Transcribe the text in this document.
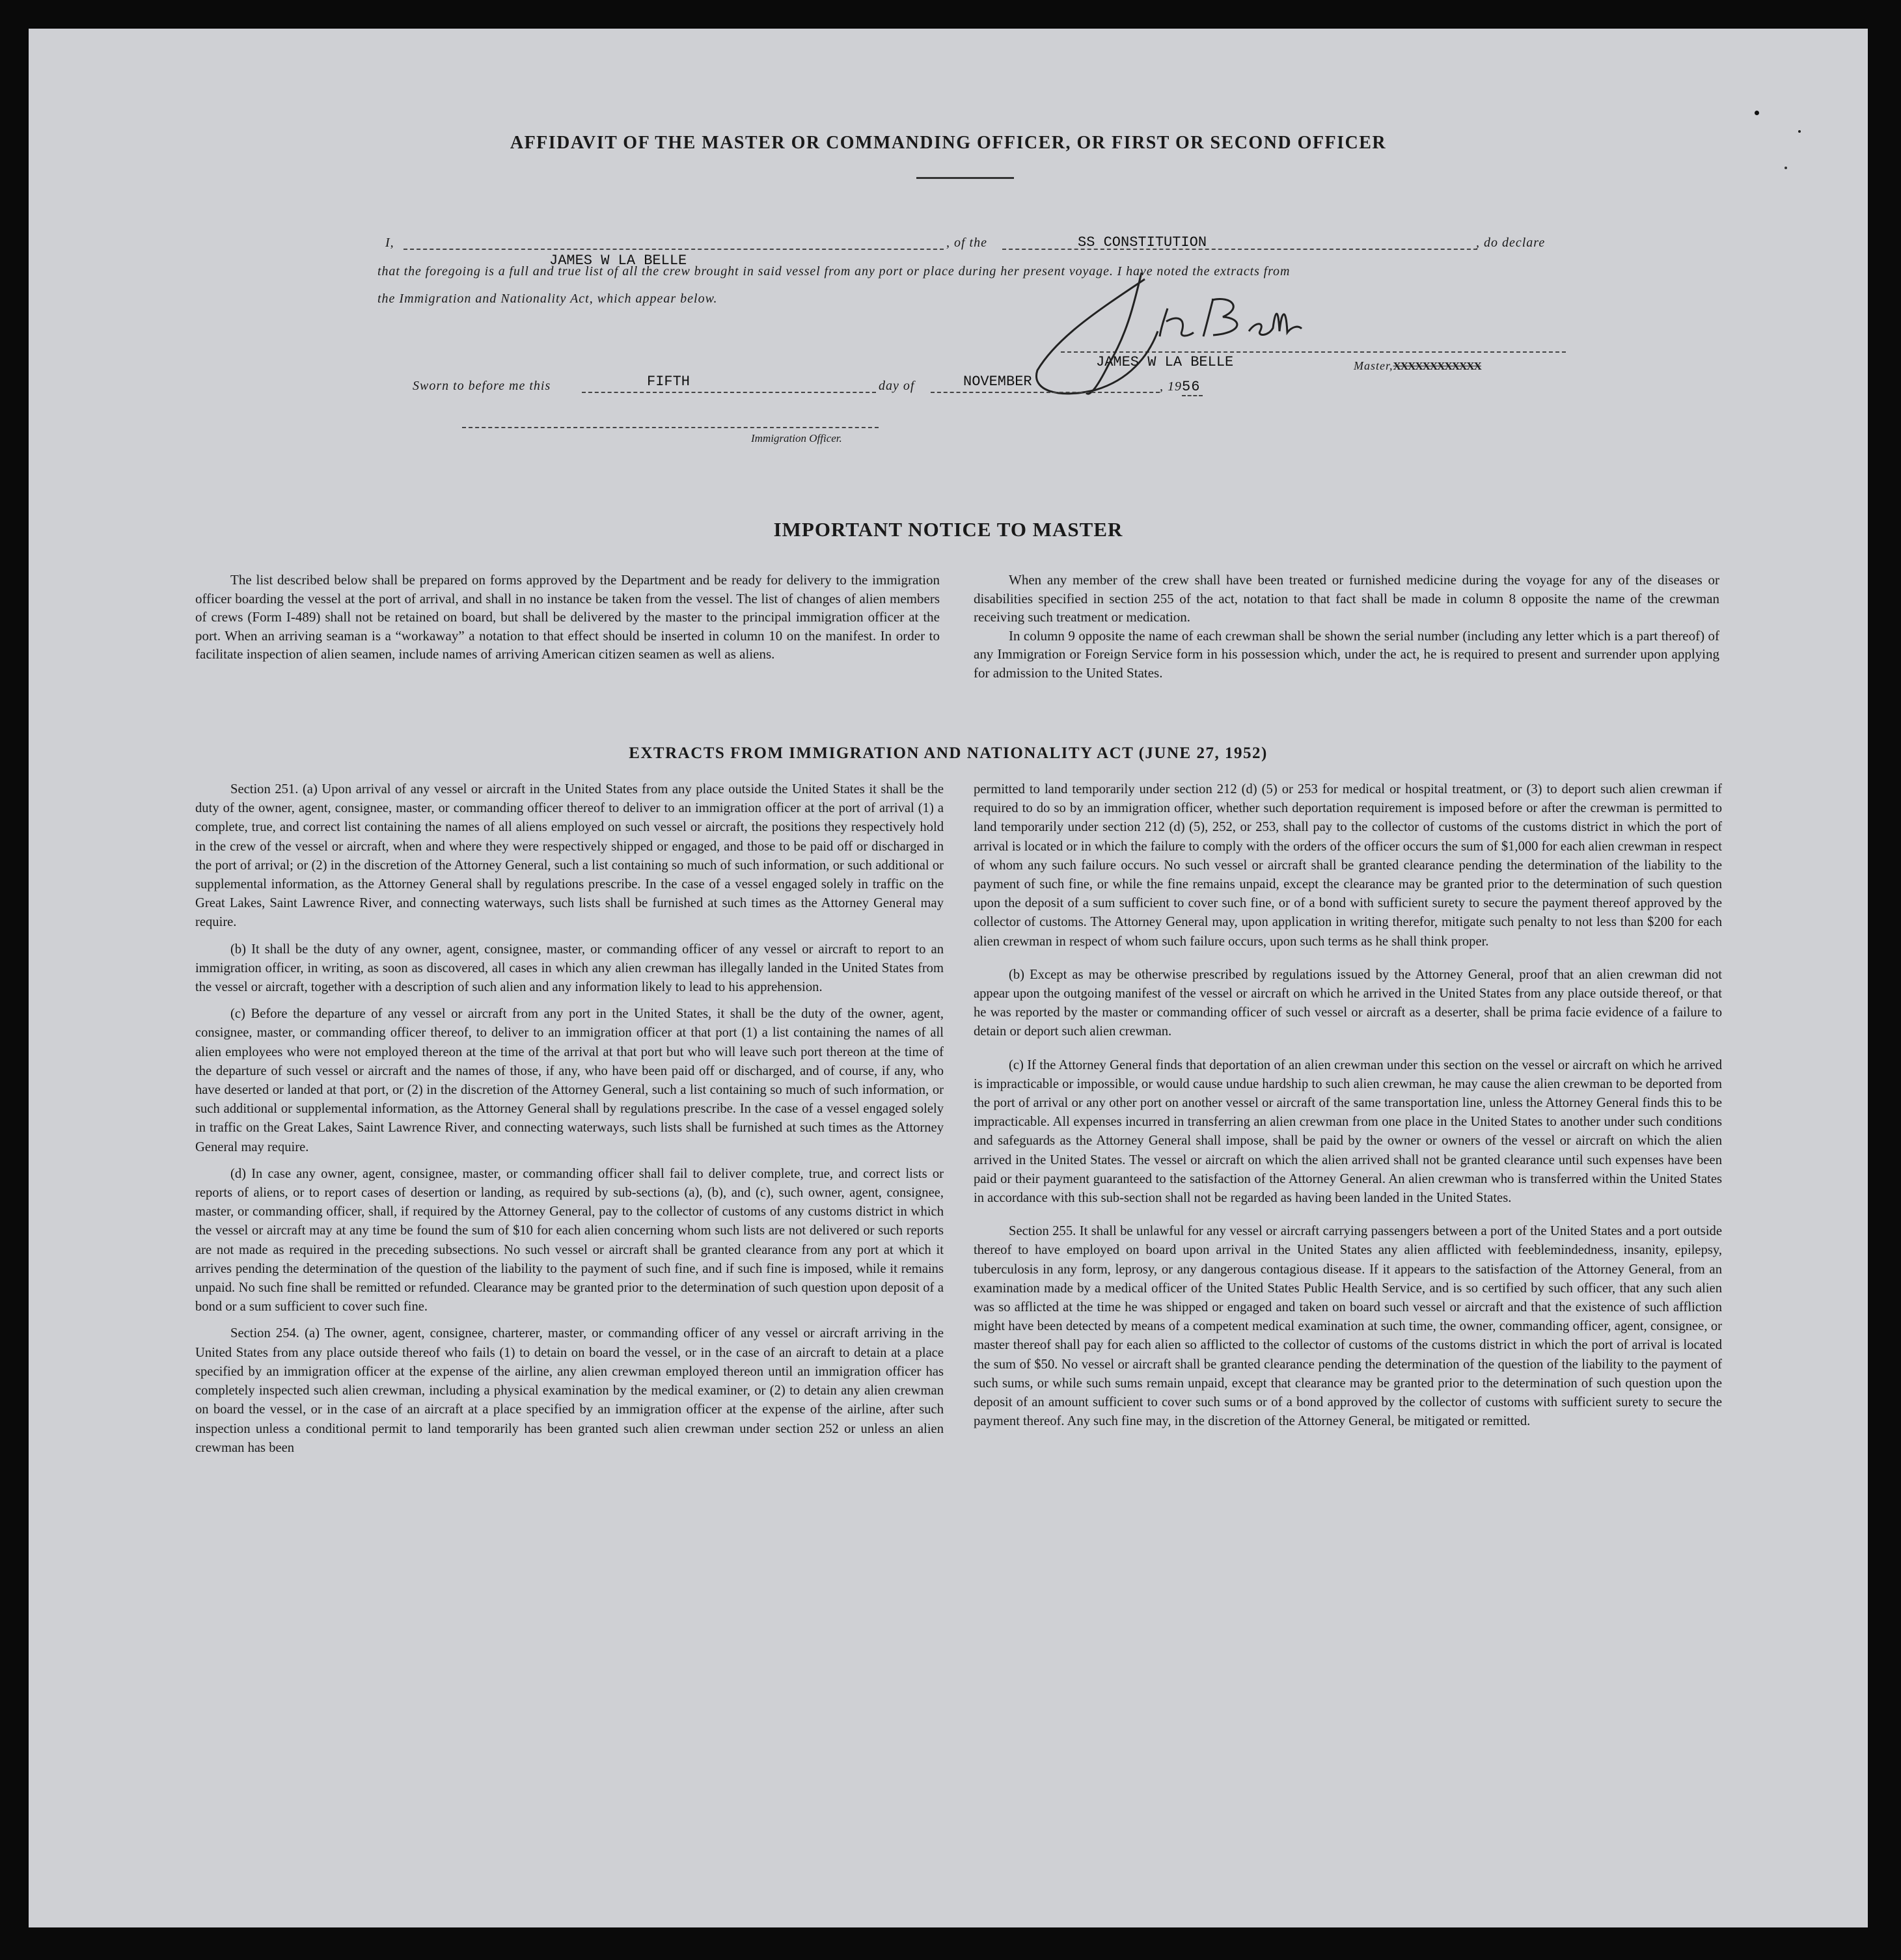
AFFIDAVIT OF THE MASTER OR COMMANDING OFFICER, OR FIRST OR SECOND OFFICER
I,	, of the	SS CONSTITUTION	, do declare
JAMES W LA BELLE
that the foregoing is a full and true list of all the crew brought in said vessel from any port or place during her present voyage. I have noted the extracts from
the Immigration and Nationality Act, which appear below.
JAMES W LA BELLE	Master,XXXXXXXXXXXX
Sworn to before me this	FIFTH	day of	NOVEMBER	, 1956
Immigration Officer.
IMPORTANT NOTICE TO MASTER

The list described below shall be prepared on forms approved by the Department and be ready for delivery to the immigration officer boarding the vessel at the port of arrival, and shall in no instance be taken from the vessel. The list of changes of alien members of crews (Form I-489) shall not be retained on board, but shall be delivered by the master to the principal immigration officer at the port. When an arriving seaman is a “workaway” a notation to that effect should be inserted in column 10 on the manifest. In order to facilitate inspection of alien seamen, include names of arriving American citizen seamen as well as aliens.

When any member of the crew shall have been treated or furnished medicine during the voyage for any of the diseases or disabilities specified in section 255 of the act, notation to that fact shall be made in column 8 opposite the name of the crewman receiving such treatment or medication.

In column 9 opposite the name of each crewman shall be shown the serial number (including any letter which is a part thereof) of any Immigration or Foreign Service form in his possession which, under the act, he is required to present and surrender upon applying for admission to the United States.

EXTRACTS FROM IMMIGRATION AND NATIONALITY ACT (JUNE 27, 1952)

Section 251. (a) Upon arrival of any vessel or aircraft in the United States from any place outside the United States it shall be the duty of the owner, agent, consignee, master, or commanding officer thereof to deliver to an immigration officer at the port of arrival (1) a complete, true, and correct list containing the names of all aliens employed on such vessel or aircraft, the positions they respectively hold in the crew of the vessel or aircraft, when and where they were respectively shipped or engaged, and those to be paid off or discharged in the port of arrival; or (2) in the discretion of the Attorney General, such a list containing so much of such information, or such additional or supplemental information, as the Attorney General shall by regulations prescribe. In the case of a vessel engaged solely in traffic on the Great Lakes, Saint Lawrence River, and connecting waterways, such lists shall be furnished at such times as the Attorney General may require.

(b) It shall be the duty of any owner, agent, consignee, master, or commanding officer of any vessel or aircraft to report to an immigration officer, in writing, as soon as discovered, all cases in which any alien crewman has illegally landed in the United States from the vessel or aircraft, together with a description of such alien and any information likely to lead to his apprehension.

(c) Before the departure of any vessel or aircraft from any port in the United States, it shall be the duty of the owner, agent, consignee, master, or commanding officer thereof, to deliver to an immigration officer at that port (1) a list containing the names of all alien employees who were not employed thereon at the time of the arrival at that port but who will leave such port thereon at the time of the departure of such vessel or aircraft and the names of those, if any, who have been paid off or discharged, and of course, if any, who have deserted or landed at that port, or (2) in the discretion of the Attorney General, such a list containing so much of such information, or such additional or supplemental information, as the Attorney General shall by regulations prescribe. In the case of a vessel engaged solely in traffic on the Great Lakes, Saint Lawrence River, and connecting waterways, such lists shall be furnished at such times as the Attorney General may require.

(d) In case any owner, agent, consignee, master, or commanding officer shall fail to deliver complete, true, and correct lists or reports of aliens, or to report cases of desertion or landing, as required by sub-sections (a), (b), and (c), such owner, agent, consignee, master, or commanding officer, shall, if required by the Attorney General, pay to the collector of customs of any customs district in which the vessel or aircraft may at any time be found the sum of $10 for each alien concerning whom such lists are not delivered or such reports are not made as required in the preceding subsections. No such vessel or aircraft shall be granted clearance from any port at which it arrives pending the determination of the question of the liability to the payment of such fine, and if such fine is imposed, while it remains unpaid. No such fine shall be remitted or refunded. Clearance may be granted prior to the determination of such question upon deposit of a bond or a sum sufficient to cover such fine.

Section 254. (a) The owner, agent, consignee, charterer, master, or commanding officer of any vessel or aircraft arriving in the United States from any place outside thereof who fails (1) to detain on board the vessel, or in the case of an aircraft to detain at a place specified by an immigration officer at the expense of the airline, any alien crewman employed thereon until an immigration officer has completely inspected such alien crewman, including a physical examination by the medical examiner, or (2) to detain any alien crewman on board the vessel, or in the case of an aircraft at a place specified by an immigration officer at the expense of the airline, after such inspection unless a conditional permit to land temporarily has been granted such alien crewman under section 252 or unless an alien crewman has been

permitted to land temporarily under section 212 (d) (5) or 253 for medical or hospital treatment, or (3) to deport such alien crewman if required to do so by an immigration officer, whether such deportation requirement is imposed before or after the crewman is permitted to land temporarily under section 212 (d) (5), 252, or 253, shall pay to the collector of customs of the customs district in which the port of arrival is located or in which the failure to comply with the orders of the officer occurs the sum of $1,000 for each alien crewman in respect of whom any such failure occurs. No such vessel or aircraft shall be granted clearance pending the determination of the liability to the payment of such fine, or while the fine remains unpaid, except the clearance may be granted prior to the determination of such question upon the deposit of a sum sufficient to cover such fine, or of a bond with sufficient surety to secure the payment thereof approved by the collector of customs. The Attorney General may, upon application in writing therefor, mitigate such penalty to not less than $200 for each alien crewman in respect of whom such failure occurs, upon such terms as he shall think proper.

(b) Except as may be otherwise prescribed by regulations issued by the Attorney General, proof that an alien crewman did not appear upon the outgoing manifest of the vessel or aircraft on which he arrived in the United States from any place outside thereof, or that he was reported by the master or commanding officer of such vessel or aircraft as a deserter, shall be prima facie evidence of a failure to detain or deport such alien crewman.

(c) If the Attorney General finds that deportation of an alien crewman under this section on the vessel or aircraft on which he arrived is impracticable or impossible, or would cause undue hardship to such alien crewman, he may cause the alien crewman to be deported from the port of arrival or any other port on another vessel or aircraft of the same transportation line, unless the Attorney General finds this to be impracticable. All expenses incurred in transferring an alien crewman from one place in the United States to another under such conditions and safeguards as the Attorney General shall impose, shall be paid by the owner or owners of the vessel or aircraft on which the alien arrived in the United States. The vessel or aircraft on which the alien arrived shall not be granted clearance until such expenses have been paid or their payment guaranteed to the satisfaction of the Attorney General. An alien crewman who is transferred within the United States in accordance with this sub-section shall not be regarded as having been landed in the United States.

Section 255. It shall be unlawful for any vessel or aircraft carrying passengers between a port of the United States and a port outside thereof to have employed on board upon arrival in the United States any alien afflicted with feeblemindedness, insanity, epilepsy, tuberculosis in any form, leprosy, or any dangerous contagious disease. If it appears to the satisfaction of the Attorney General, from an examination made by a medical officer of the United States Public Health Service, and is so certified by such officer, that any such alien was so afflicted at the time he was shipped or engaged and taken on board such vessel or aircraft and that the existence of such affliction might have been detected by means of a competent medical examination at such time, the owner, commanding officer, agent, consignee, or master thereof shall pay for each alien so afflicted to the collector of customs of the customs district in which the port of arrival is located the sum of $50. No vessel or aircraft shall be granted clearance pending the determination of the question of the liability to the payment of such sums, or while such sums remain unpaid, except that clearance may be granted prior to the determination of such question upon the deposit of an amount sufficient to cover such sums or of a bond approved by the collector of customs with sufficient surety to secure the payment thereof. Any such fine may, in the discretion of the Attorney General, be mitigated or remitted.
